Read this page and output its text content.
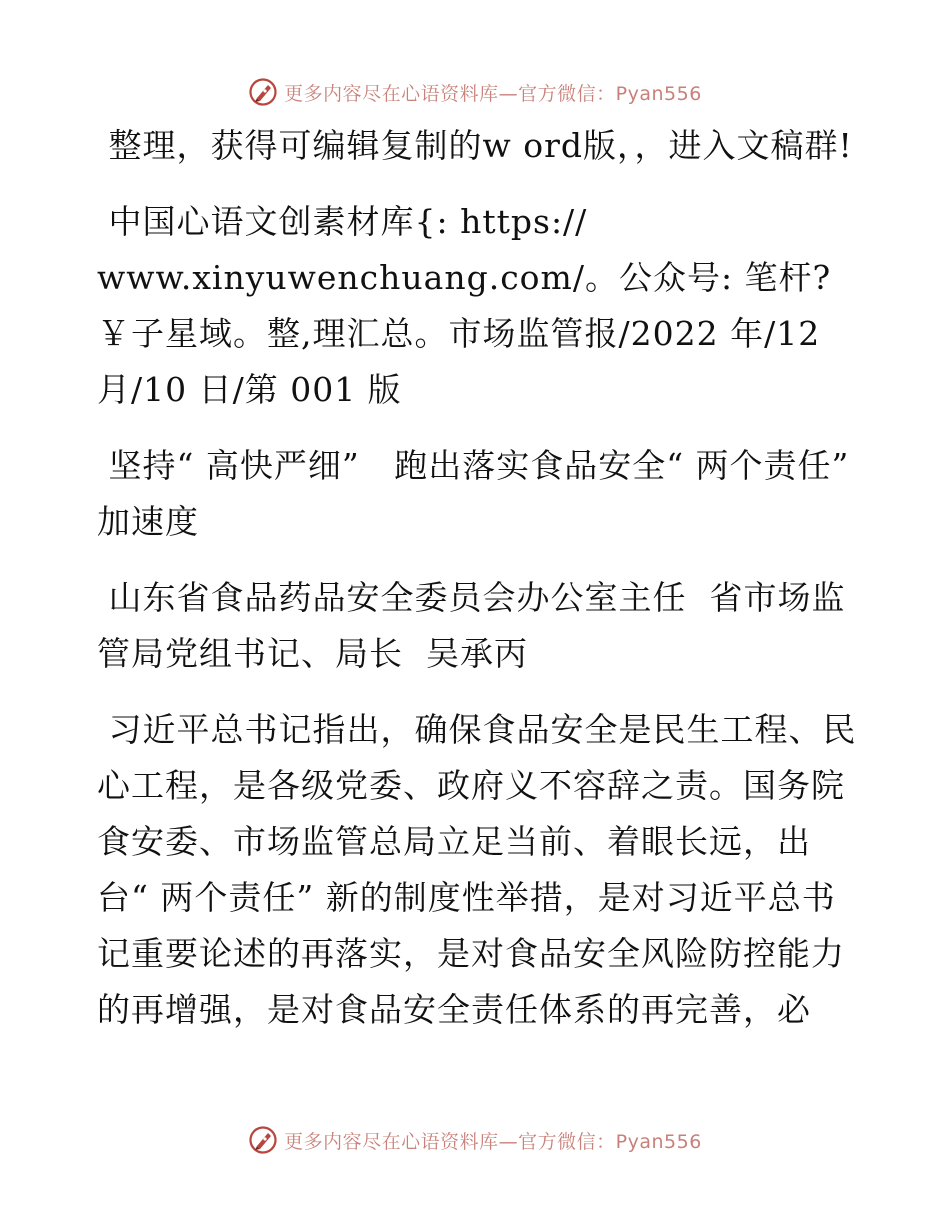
更多内容尽在心语资料库—官方微信：Pyan556

整理，获得可编辑复制的w ord版，，进入文稿群!

中国心语文创素材库{: https://
www.xinyuwenchuang.com/。公众号: 笔杆?￥子星域。整,理汇总。市场监管报/2022 年/12 月/10 日/第 001 版

坚持“ 高快严细”   跑出落实食品安全“ 两个责任” 加速度

山东省食品药品安全委员会办公室主任  省市场监管局党组书记、局长  吴承丙

习近平总书记指出，确保食品安全是民生工程、民心工程，是各级党委、政府义不容辞之责。国务院食安委、市场监管总局立足当前、着眼长远，出台“ 两个责任” 新的制度性举措，是对习近平总书记重要论述的再落实，是对食品安全风险防控能力的再增强，是对食品安全责任体系的再完善，必

更多内容尽在心语资料库—官方微信：Pyan556
